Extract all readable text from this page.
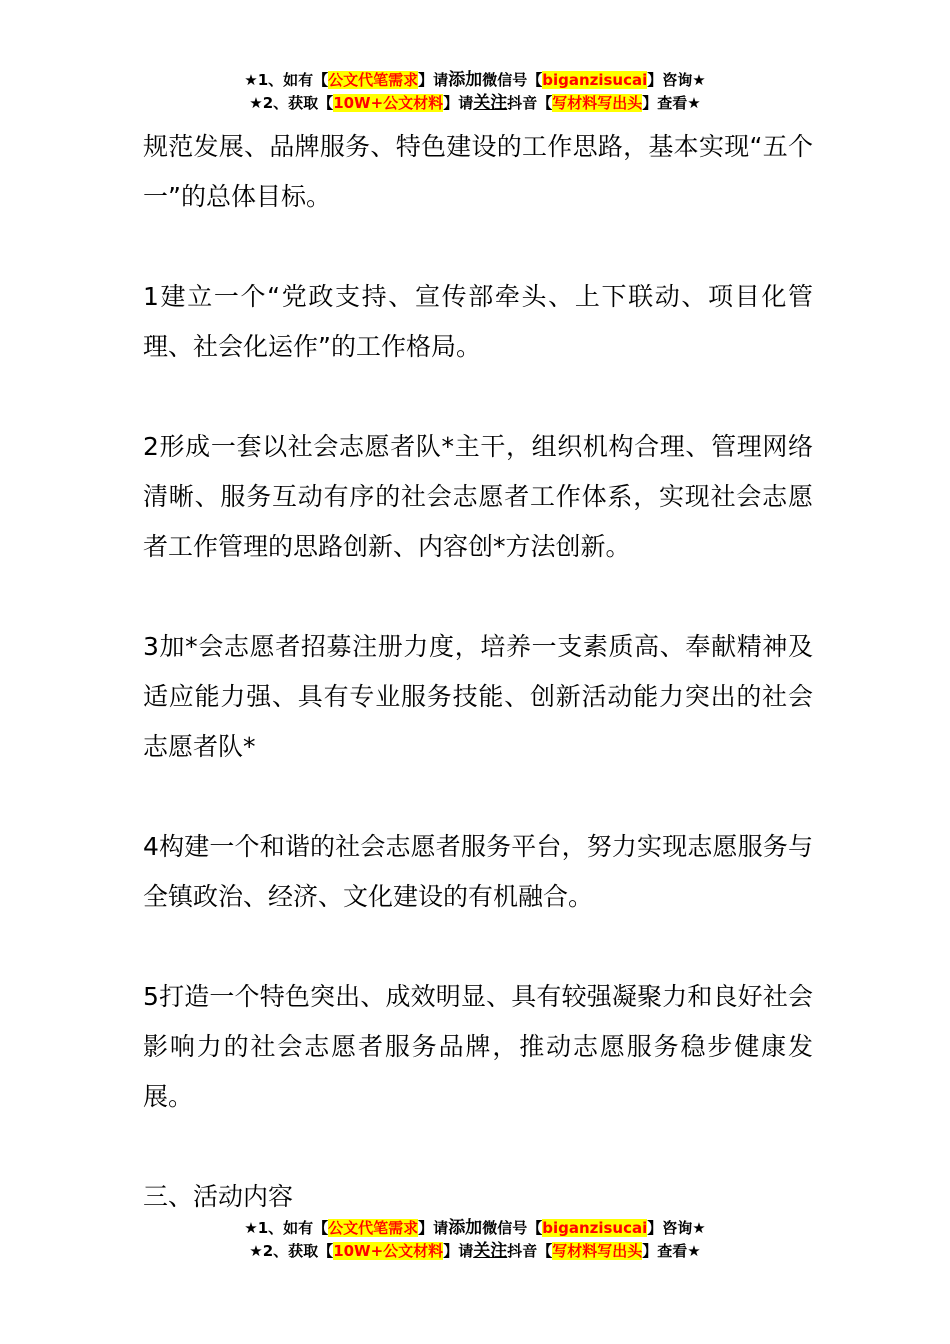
★1、如有【公文代笔需求】请添加微信号【biganzisucai】咨询★
★2、获取【10W+公文材料】请关注抖音【写材料写出头】查看★

规范发展、品牌服务、特色建设的工作思路，基本实现“五个一”的总体目标。

1建立一个“党政支持、宣传部牵头、上下联动、项目化管理、社会化运作”的工作格局。

2形成一套以社会志愿者队*主干，组织机构合理、管理网络清晰、服务互动有序的社会志愿者工作体系，实现社会志愿者工作管理的思路创新、内容创*方法创新。

3加*会志愿者招募注册力度，培养一支素质高、奉献精神及适应能力强、具有专业服务技能、创新活动能力突出的社会志愿者队*

4构建一个和谐的社会志愿者服务平台，努力实现志愿服务与全镇政治、经济、文化建设的有机融合。

5打造一个特色突出、成效明显、具有较强凝聚力和良好社会影响力的社会志愿者服务品牌，推动志愿服务稳步健康发展。

三、活动内容

★1、如有【公文代笔需求】请添加微信号【biganzisucai】咨询★
★2、获取【10W+公文材料】请关注抖音【写材料写出头】查看★
